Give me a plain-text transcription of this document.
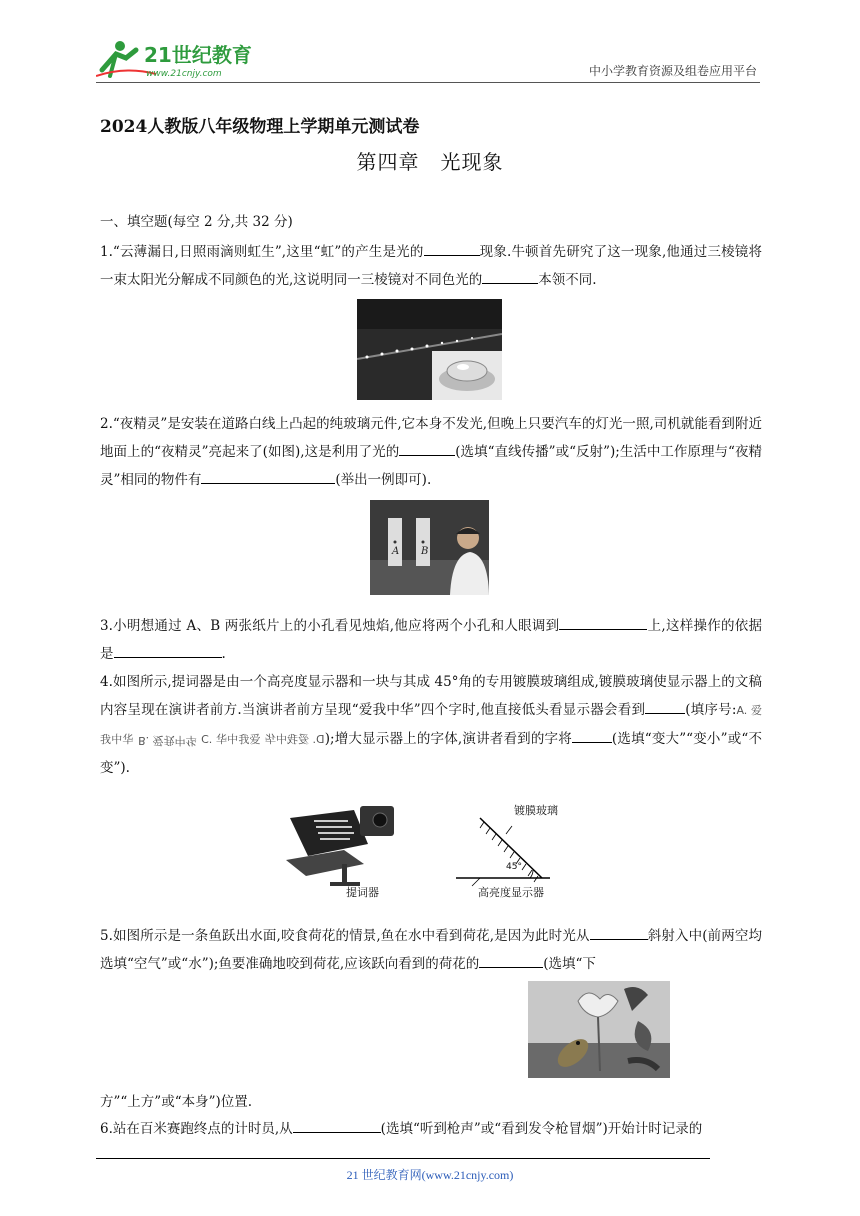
21世纪教育
www.21cnjy.com	中小学教育资源及组卷应用平台
2024人教版八年级物理上学期单元测试卷
第四章　光现象
一、填空题(每空 2 分,共 32 分)
1.“云薄漏日,日照雨滴则虹生”,这里“虹”的产生是光的	现象.牛顿首先研究了这一现象,他通过三棱镜将一束太阳光分解成不同颜色的光,这说明同一三棱镜对不同色光的	本领不同.
2.“夜精灵”是安装在道路白线上凸起的纯玻璃元件,它本身不发光,但晚上只要汽车的灯光一照,司机就能看到附近地面上的“夜精灵”亮起来了(如图),这是利用了光的	(选填“直线传播”或“反射”);生活中工作原理与“夜精灵”相同的物件有	(举出一例即可).
A B
3.小明想通过 A、B 两张纸片上的小孔看见烛焰,他应将两个小孔和人眼调到	上,这样操作的依据是	.
4.如图所示,提词器是由一个高亮度显示器和一块与其成 45°角的专用镀膜玻璃组成,镀膜玻璃使显示器上的文稿内容呈现在演讲者前方.当演讲者前方呈现“爱我中华”四个字时,他直接低头看显示器会看到	(填序号:A. 爱我中华 B. 爱我中华 C. 华中我爱 D. 爱我中华);增大显示器上的字体,演讲者看到的字将	(选填“变大”“变小”或“不变”).
提词器
镀膜玻璃
45°
高亮度显示器
5.如图所示是一条鱼跃出水面,咬食荷花的情景,鱼在水中看到荷花,是因为此时光从	斜射入中(前两空均选填“空气”或“水”);鱼要准确地咬到荷花,应该跃向看到的荷花的	(选填“下
方”“上方”或“本身”)位置.
6.站在百米赛跑终点的计时员,从	(选填“听到枪声”或“看到发令枪冒烟”)开始计时记录的
21 世纪教育网(www.21cnjy.com)
